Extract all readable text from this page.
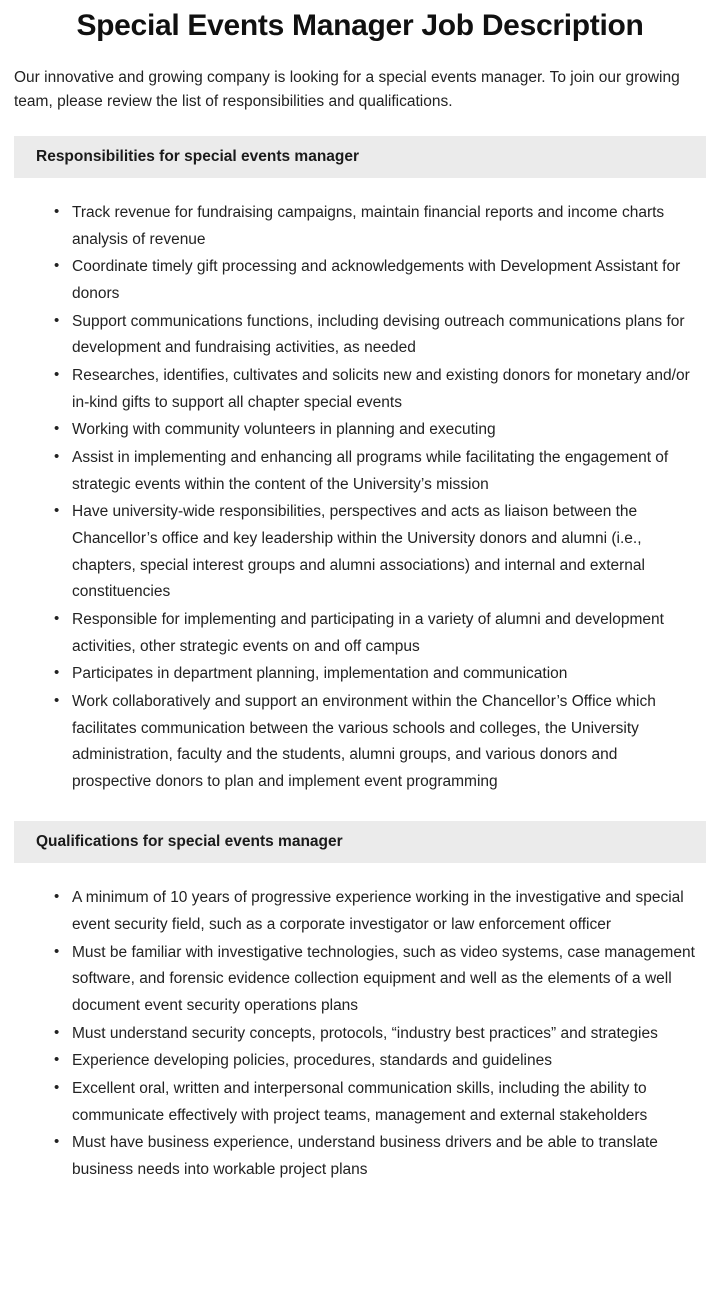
Special Events Manager Job Description

Our innovative and growing company is looking for a special events manager. To join our growing team, please review the list of responsibilities and qualifications.

Responsibilities for special events manager
• Track revenue for fundraising campaigns, maintain financial reports and income charts analysis of revenue
• Coordinate timely gift processing and acknowledgements with Development Assistant for donors
• Support communications functions, including devising outreach communications plans for development and fundraising activities, as needed
• Researches, identifies, cultivates and solicits new and existing donors for monetary and/or in-kind gifts to support all chapter special events
• Working with community volunteers in planning and executing
• Assist in implementing and enhancing all programs while facilitating the engagement of strategic events within the content of the University’s mission
• Have university-wide responsibilities, perspectives and acts as liaison between the Chancellor’s office and key leadership within the University donors and alumni (i.e., chapters, special interest groups and alumni associations) and internal and external constituencies
• Responsible for implementing and participating in a variety of alumni and development activities, other strategic events on and off campus
• Participates in department planning, implementation and communication
• Work collaboratively and support an environment within the Chancellor’s Office which facilitates communication between the various schools and colleges, the University administration, faculty and the students, alumni groups, and various donors and prospective donors to plan and implement event programming
Qualifications for special events manager
• A minimum of 10 years of progressive experience working in the investigative and special event security field, such as a corporate investigator or law enforcement officer
• Must be familiar with investigative technologies, such as video systems, case management software, and forensic evidence collection equipment and well as the elements of a well document event security operations plans
• Must understand security concepts, protocols, “industry best practices” and strategies
• Experience developing policies, procedures, standards and guidelines
• Excellent oral, written and interpersonal communication skills, including the ability to communicate effectively with project teams, management and external stakeholders
• Must have business experience, understand business drivers and be able to translate business needs into workable project plans
